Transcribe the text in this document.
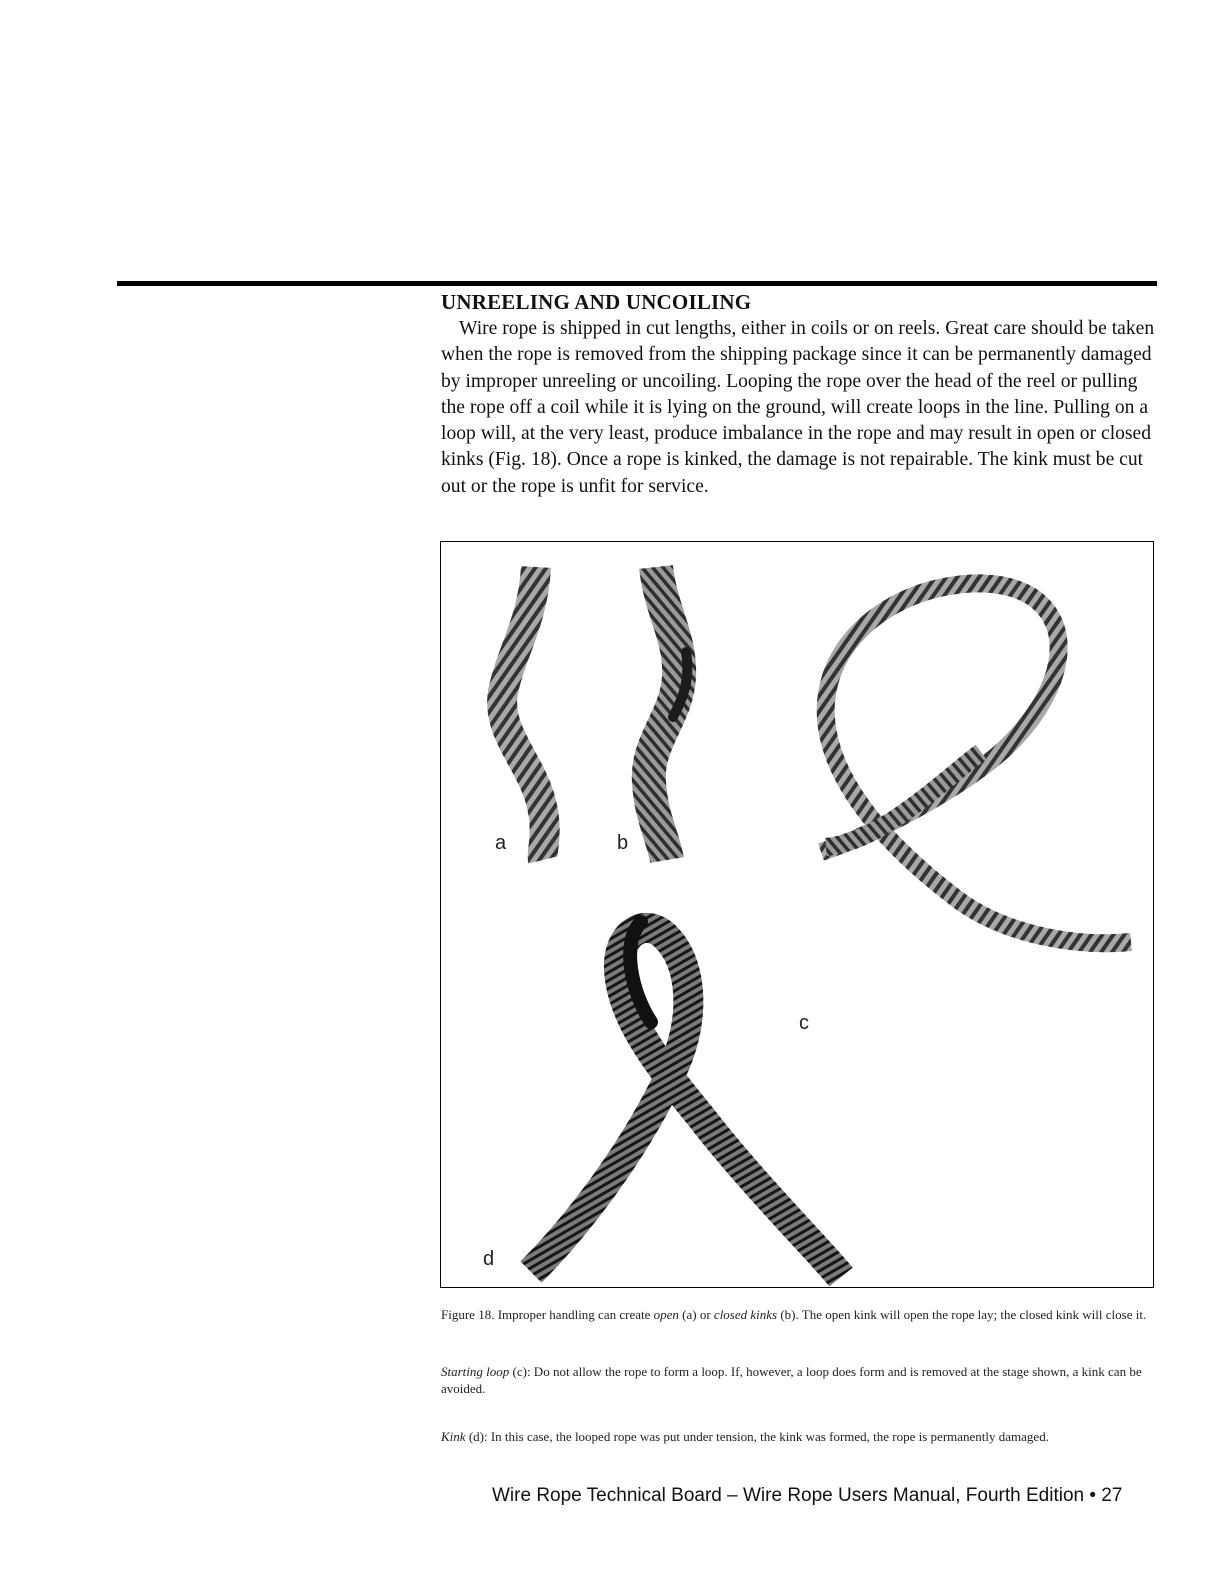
UNREELING AND UNCOILING

Wire rope is shipped in cut lengths, either in coils or on reels. Great care should be taken when the rope is removed from the shipping package since it can be permanently damaged by improper unreeling or uncoiling. Looping the rope over the head of the reel or pulling the rope off a coil while it is lying on the ground, will create loops in the line. Pulling on a loop will, at the very least, produce imbalance in the rope and may result in open or closed kinks (Fig. 18). Once a rope is kinked, the damage is not repairable. The kink must be cut out or the rope is unfit for service.

a	b
c
d

Figure 18. Improper handling can create open (a) or closed kinks (b). The open kink will open the rope lay; the closed kink will close it.

Starting loop (c): Do not allow the rope to form a loop. If, however, a loop does form and is removed at the stage shown, a kink can be avoided.

Kink (d): In this case, the looped rope was put under tension, the kink was formed, the rope is permanently damaged.

Wire Rope Technical Board – Wire Rope Users Manual, Fourth Edition • 27
